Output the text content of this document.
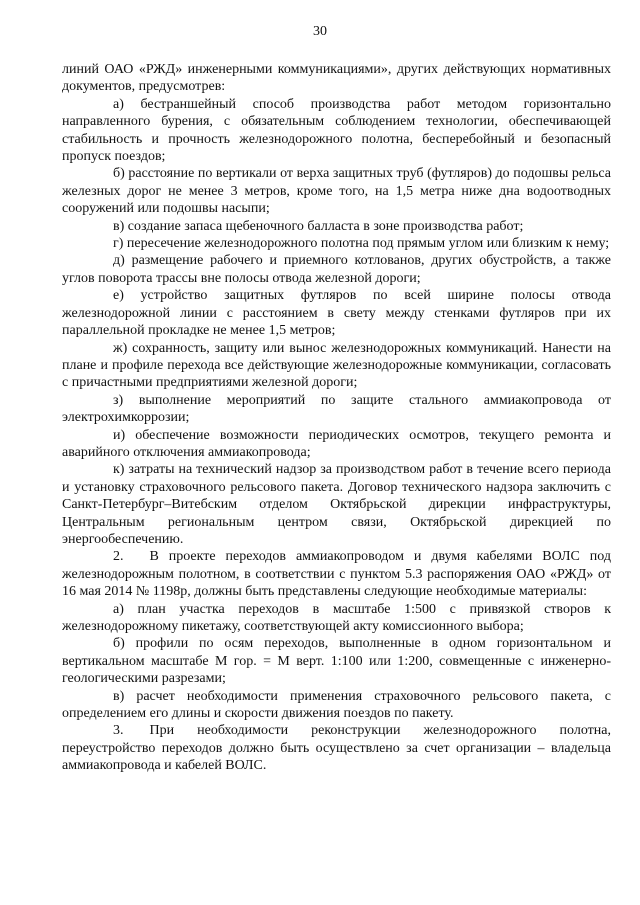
30

линий ОАО «РЖД» инженерными коммуникациями», других действующих нормативных документов, предусмотрев:

а) бестраншейный способ производства работ методом горизонтально направленного бурения, с обязательным соблюдением технологии, обеспечивающей стабильность и прочность железнодорожного полотна, бесперебойный и безопасный пропуск поездов;

б) расстояние по вертикали от верха защитных труб (футляров) до подошвы рельса железных дорог не менее 3 метров, кроме того, на 1,5 метра ниже дна водоотводных сооружений или подошвы насыпи;

в) создание запаса щебеночного балласта в зоне производства работ;

г) пересечение железнодорожного полотна под прямым углом или близким к нему;

д) размещение рабочего и приемного котлованов, других обустройств, а также углов поворота трассы вне полосы отвода железной дороги;

е) устройство защитных футляров по всей ширине полосы отвода железнодорожной линии с расстоянием в свету между стенками футляров при их параллельной прокладке не менее 1,5 метров;

ж) сохранность, защиту или вынос железнодорожных коммуникаций. Нанести на плане и профиле перехода все действующие железнодорожные коммуникации, согласовать с причастными предприятиями железной дороги;

з) выполнение мероприятий по защите стального аммиакопровода от электрохимкоррозии;

и) обеспечение возможности периодических осмотров, текущего ремонта и аварийного отключения аммиакопровода;

к) затраты на технический надзор за производством работ в течение всего периода и установку страховочного рельсового пакета. Договор технического надзора заключить с Санкт-Петербург–Витебским отделом Октябрьской дирекции инфраструктуры, Центральным региональным центром связи, Октябрьской дирекцией по энергообеспечению.

2. В проекте переходов аммиакопроводом и двумя кабелями ВОЛС под железнодорожным полотном, в соответствии с пунктом 5.3 распоряжения ОАО «РЖД» от 16 мая 2014 № 1198р, должны быть представлены следующие необходимые материалы:

а) план участка переходов в масштабе 1:500 с привязкой створов к железнодорожному пикетажу, соответствующей акту комиссионного выбора;

б) профили по осям переходов, выполненные в одном горизонтальном и вертикальном масштабе М гор. = М верт. 1:100 или 1:200, совмещенные с инженерно-геологическими разрезами;

в) расчет необходимости применения страховочного рельсового пакета, с определением его длины и скорости движения поездов по пакету.

3. При необходимости реконструкции железнодорожного полотна, переустройство переходов должно быть осуществлено за счет организации – владельца аммиакопровода и кабелей ВОЛС.
